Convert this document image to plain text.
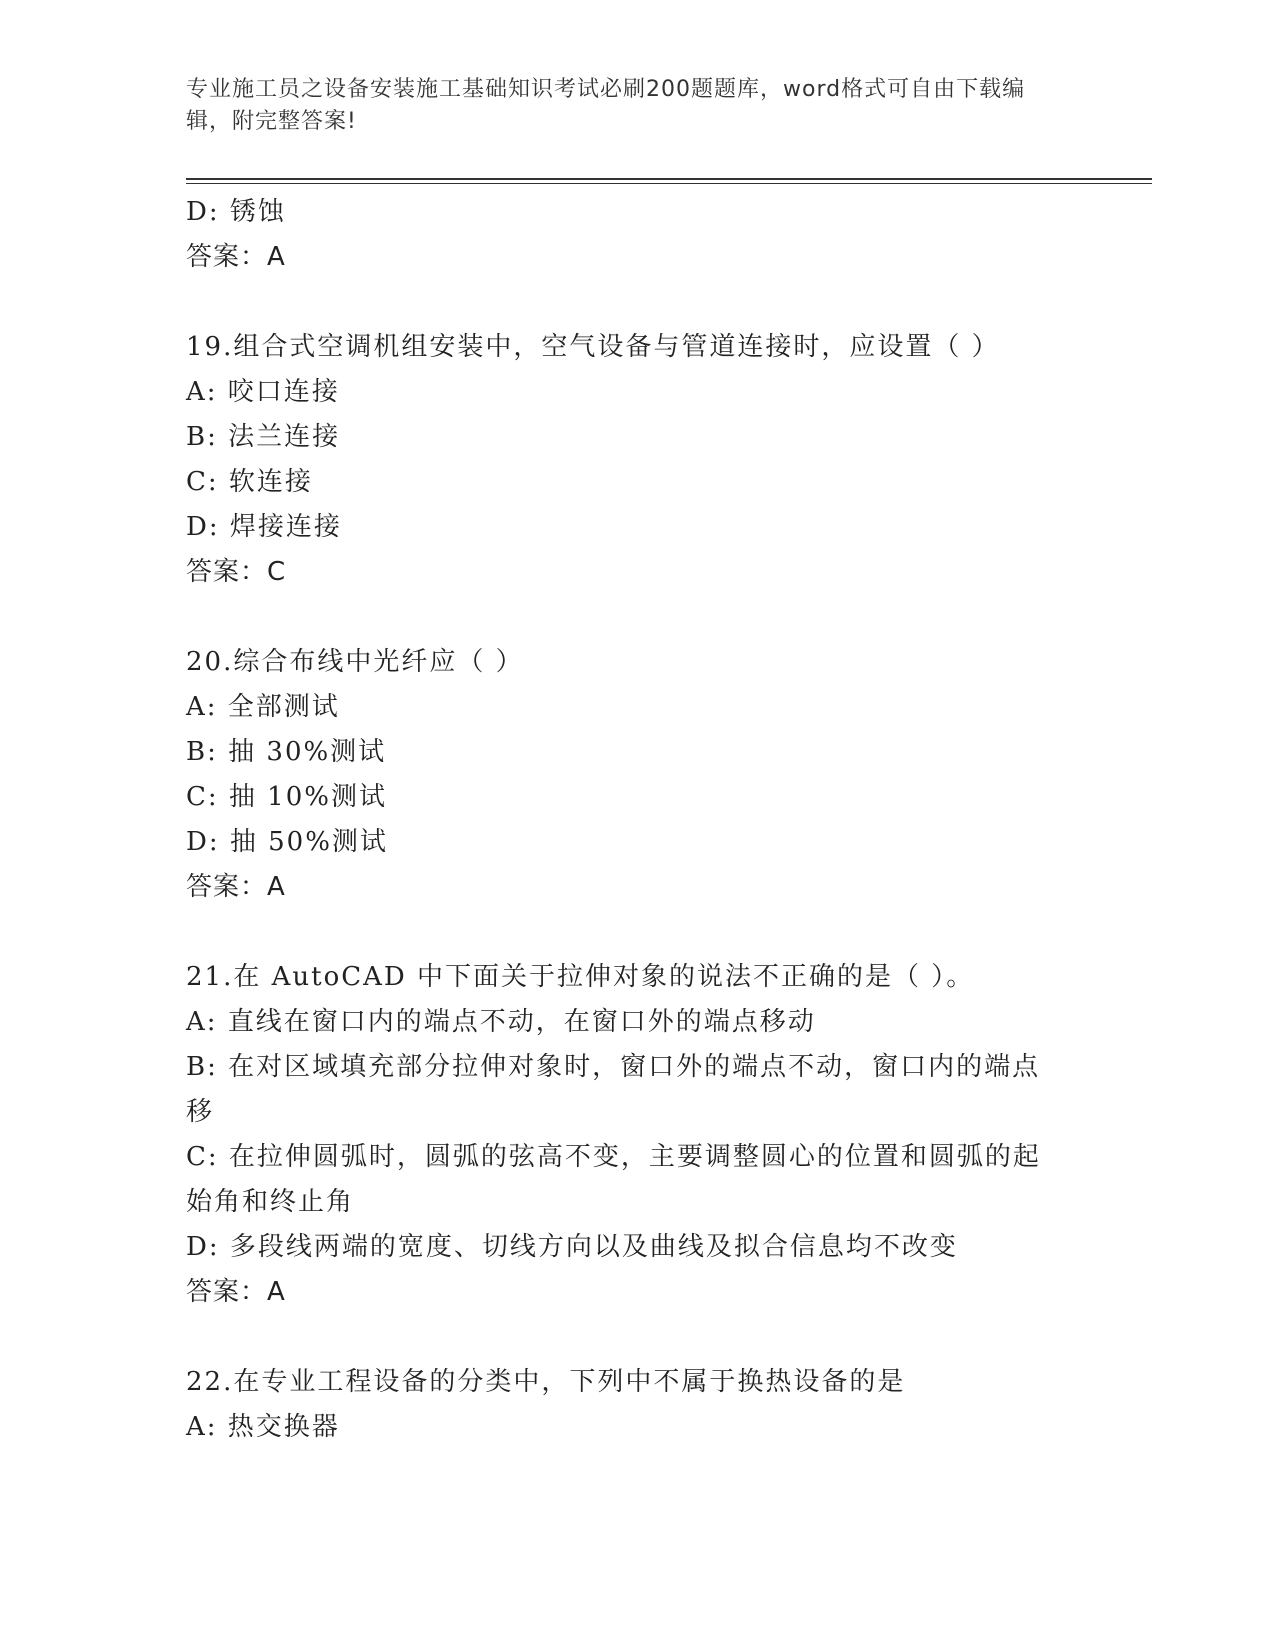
专业施工员之设备安装施工基础知识考试必刷200题题库，word格式可自由下载编辑，附完整答案!
D: 锈蚀
答案：A
19.组合式空调机组安装中，空气设备与管道连接时，应设置（ ）
A: 咬口连接
B: 法兰连接
C: 软连接
D: 焊接连接
答案：C
20.综合布线中光纤应（ ）
A: 全部测试
B: 抽 30%测试
C: 抽 10%测试
D: 抽 50%测试
答案：A
21.在 AutoCAD 中下面关于拉伸对象的说法不正确的是（ ）。
A: 直线在窗口内的端点不动，在窗口外的端点移动
B: 在对区域填充部分拉伸对象时，窗口外的端点不动，窗口内的端点移
C: 在拉伸圆弧时，圆弧的弦高不变，主要调整圆心的位置和圆弧的起始角和终止角
D: 多段线两端的宽度、切线方向以及曲线及拟合信息均不改变
答案：A
22.在专业工程设备的分类中，下列中不属于换热设备的是
A: 热交换器
